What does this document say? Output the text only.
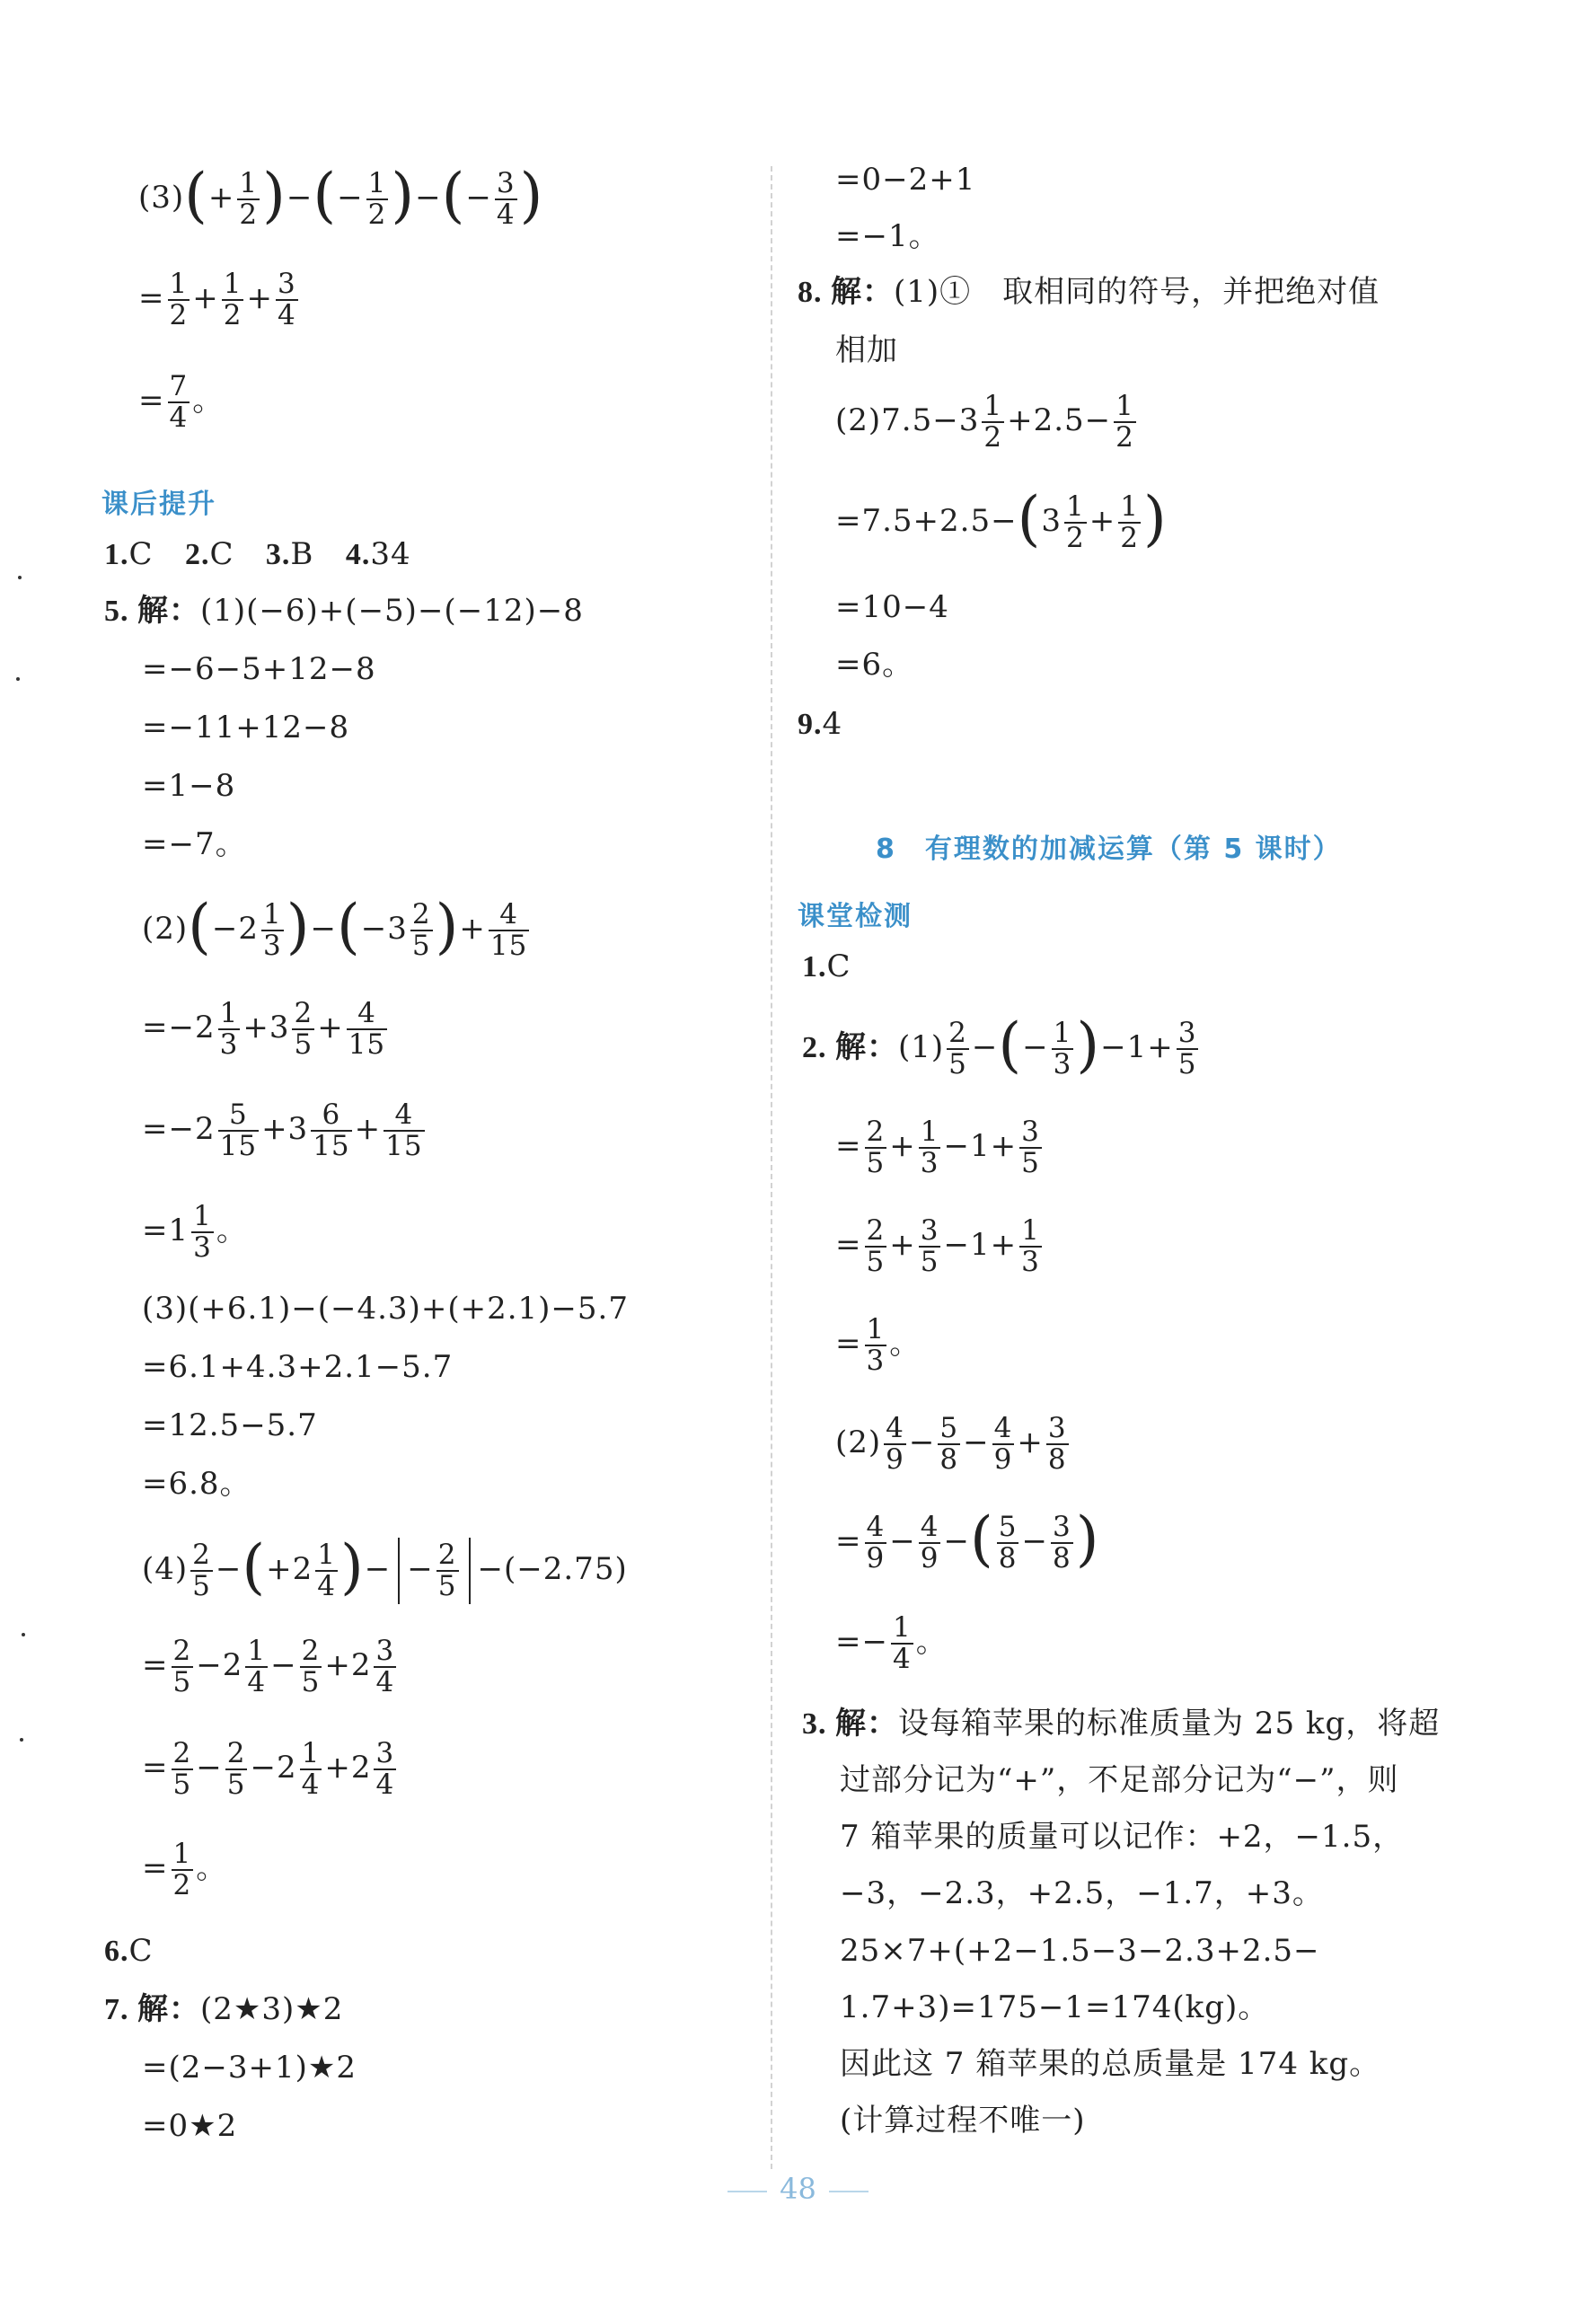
$(3)(+ \frac{1}{2}$ )−(− $\frac{1}{2}$ )−(− $\frac{3}{4}$ )
= $\frac{1}{2} + \frac{1}{2} + \frac{3}{4}$
= $\frac{7}{4}$ 。
课后提升
1.C 2.C 3.B 4.34
5. 解：(1)(−6)+(−5)−(−12)−8
=−6−5+12−8
=−11+12−8
=1−8
=−7。
$(2)(-2 \frac{1}{3} )-(-3 \frac{2}{5}$ )+ $\frac{4}{15}$
$=-2 \frac{1}{3} +3 \frac{2}{5} + \frac{4}{15}$
$=-2 \frac{5}{15} +3 \frac{6}{15} + \frac{4}{15}$
$=1 \frac{1}{3}$ 。
(3)(+6.1)−(−4.3)+(+2.1)−5.7
=6.1+4.3+2.1−5.7
=12.5−5.7
=6.8。
$(4) \frac{2}{5} -(+2 \frac{1}{4}$ )− − $\frac{2}{5} -(-2.75)$
= $\frac{2}{5} -2 \frac{1}{4} - \frac{2}{5} +2 \frac{3}{4}$
= $\frac{2}{5} - \frac{2}{5} -2 \frac{1}{4} +2 \frac{3}{4}$
= $\frac{1}{2}$ 。
6.C
7. 解：(2★3)★2
=(2−3+1)★2
=0★2
=0−2+1
=−1。
8. 解：(1)①　取相同的符号，并把绝对值
相加
$(2)7.5-3 \frac{1}{2} +2.5- \frac{1}{2}$
$=7.5+2.5-(3 \frac{1}{2} + \frac{1}{2}$ )
=10−4
=6。
9.4
8　有理数的加减运算（第 5 课时）
课堂检测
1.C
2. 解：$(1) \frac{2}{5}$ −(− $\frac{1}{3} )-1+ \frac{3}{5}$
= $\frac{2}{5} + \frac{1}{3} -1+ \frac{3}{5}$
= $\frac{2}{5} + \frac{3}{5} -1+ \frac{1}{3}$
= $\frac{1}{3}$ 。
$(2) \frac{4}{9} - \frac{5}{8} - \frac{4}{9} + \frac{3}{8}$
= $\frac{4}{9} - \frac{4}{9}$ −( $\frac{5}{8} - \frac{3}{8}$ )
=− $\frac{1}{4}$ 。
3. 解：设每箱苹果的标准质量为 25 kg，将超
过部分记为“+”，不足部分记为“−”，则
7 箱苹果的质量可以记作：+2，−1.5，
−3，−2.3，+2.5，−1.7，+3。
25×7+(+2−1.5−3−2.3+2.5−
1.7+3)=175−1=174(kg)。
因此这 7 箱苹果的总质量是 174 kg。
(计算过程不唯一)
48
